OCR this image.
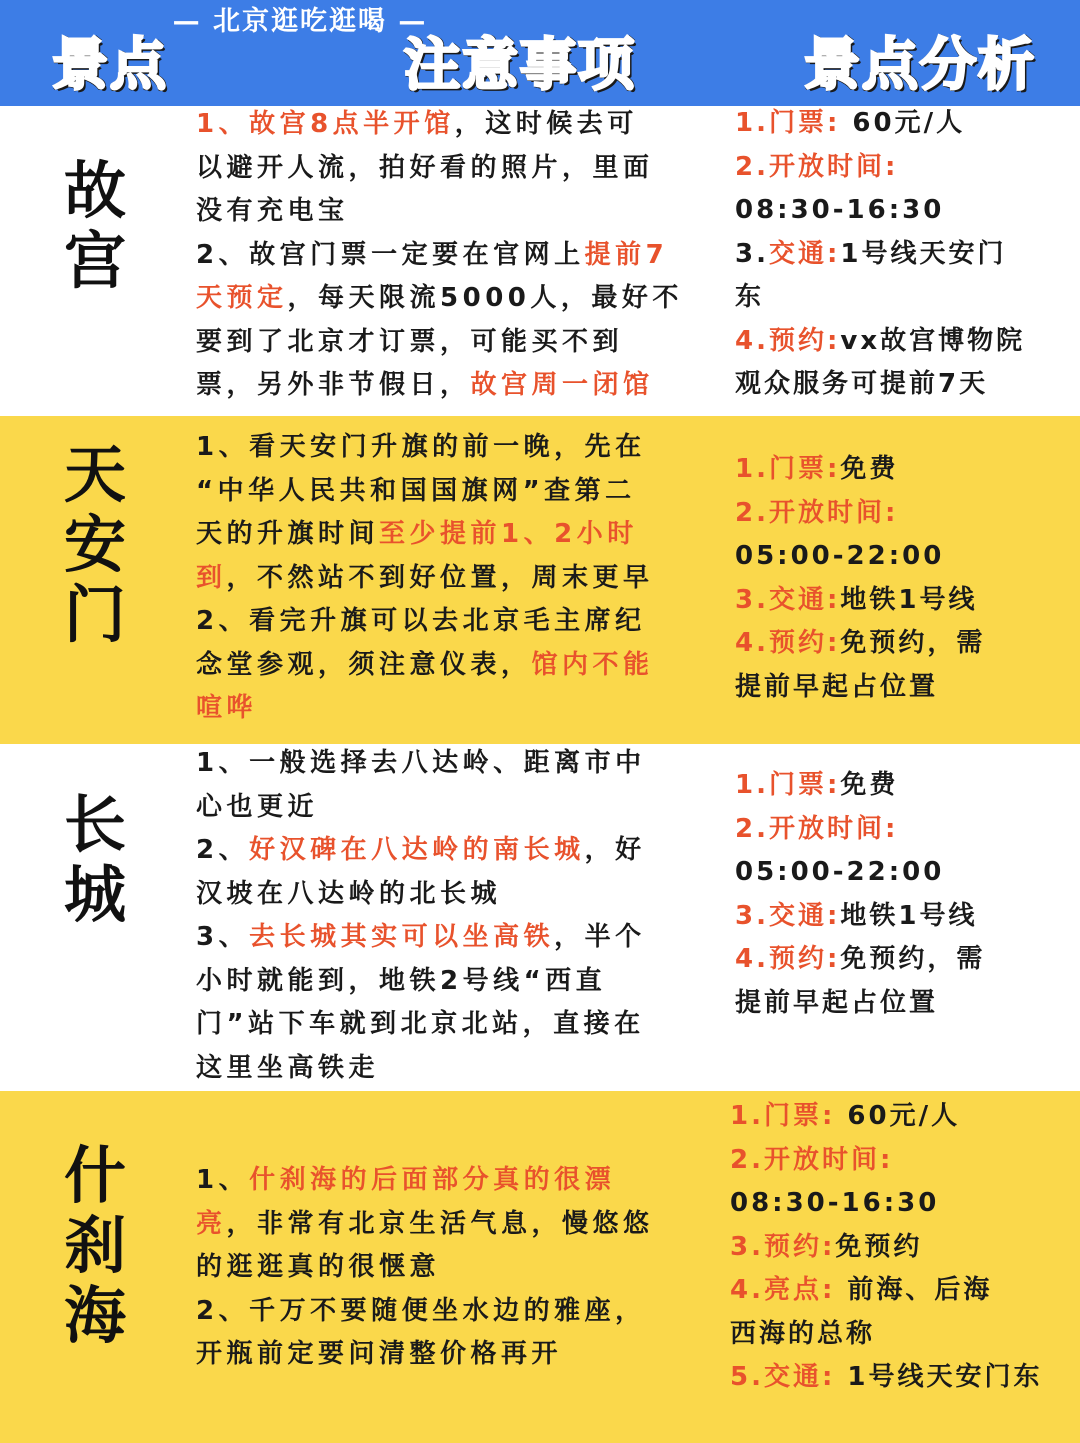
— 北京逛吃逛喝 —
景点	注意事项	景点分析
故
宫
1、故宫8点半开馆，这时候去可
以避开人流，拍好看的照片，里面
没有充电宝
2、故宫门票一定要在官网上提前7
天预定，每天限流5000人，最好不
要到了北京才订票，可能买不到
票，另外非节假日，故宫周一闭馆
1.门票: 60元/人
2.开放时间:
08:30-16:30
3.交通:1号线天安门
东
4.预约:vx故宫博物院
观众服务可提前7天
天
安
门
1、看天安门升旗的前一晚，先在
“中华人民共和国国旗网”查第二
天的升旗时间至少提前1、2小时
到，不然站不到好位置，周末更早
2、看完升旗可以去北京毛主席纪
念堂参观，须注意仪表，馆内不能
喧哗
1.门票:免费
2.开放时间:
05:00-22:00
3.交通:地铁1号线
4.预约:免预约，需
提前早起占位置
长
城
1、一般选择去八达岭、距离市中
心也更近
2、好汉碑在八达岭的南长城，好
汉坡在八达岭的北长城
3、去长城其实可以坐高铁，半个
小时就能到，地铁2号线“西直
门”站下车就到北京北站，直接在
这里坐高铁走
1.门票:免费
2.开放时间:
05:00-22:00
3.交通:地铁1号线
4.预约:免预约，需
提前早起占位置
什
刹
海
1、什刹海的后面部分真的很漂
亮，非常有北京生活气息，慢悠悠
的逛逛真的很惬意
2、千万不要随便坐水边的雅座，
开瓶前定要问清整价格再开
1.门票: 60元/人
2.开放时间:
08:30-16:30
3.预约:免预约
4.亮点: 前海、后海
西海的总称
5.交通: 1号线天安门东
